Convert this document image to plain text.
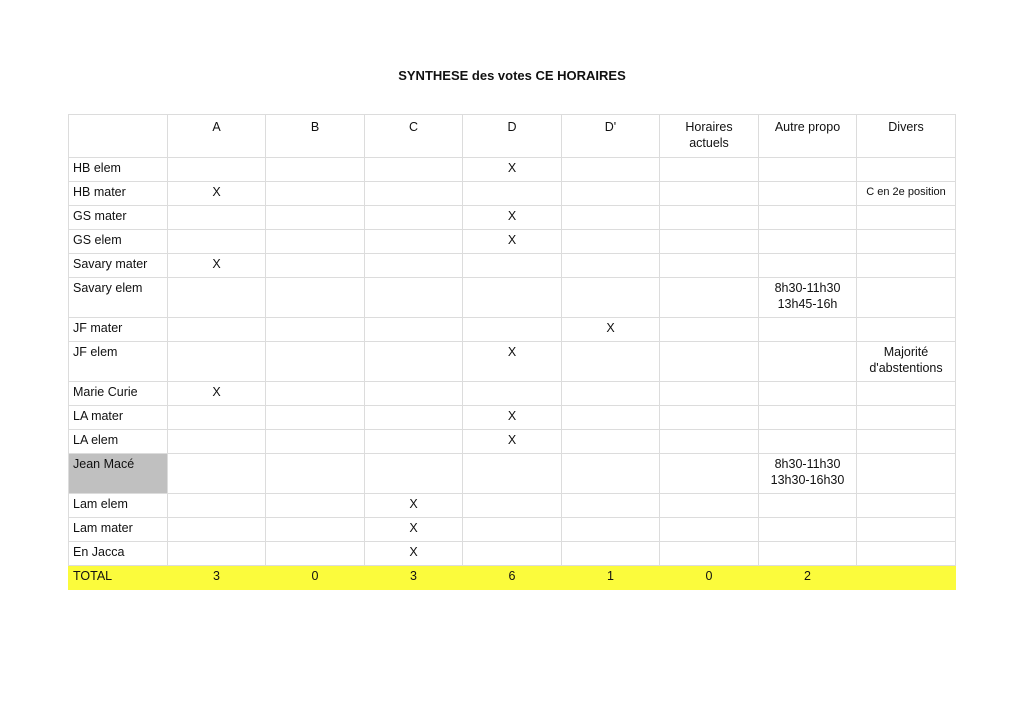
SYNTHESE des votes CE HORAIRES
	A	B	C	D	D'	Horaires actuels	Autre propo	Divers
HB elem				X				
HB mater	X							C en 2e position
GS mater				X				
GS elem				X				
Savary mater	X							
Savary elem							8h30-11h30 13h45-16h	
JF mater					X			
JF elem				X				Majorité d'abstentions
Marie Curie	X							
LA mater				X				
LA elem				X				
Jean Macé							8h30-11h30 13h30-16h30	
Lam elem			X					
Lam mater			X					
En Jacca			X					
TOTAL	3	0	3	6	1	0	2	
